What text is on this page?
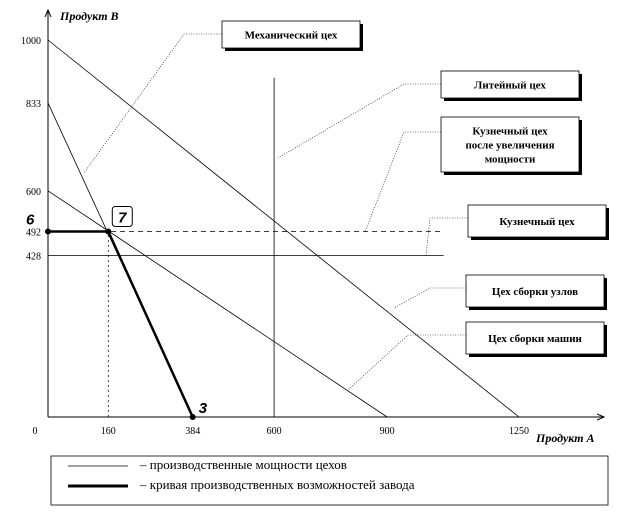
Продукт А
Продукт В
0	160	384	600	900	1250
1000
833
600
492
428
6	7
3
Механический цех
Литейный цех
Кузнечный цех
после увеличения
мощности
Кузнечный цех
Цех сборки узлов
Цех сборки машин
– производственные мощности цехов
– кривая производственных возможностей завода
